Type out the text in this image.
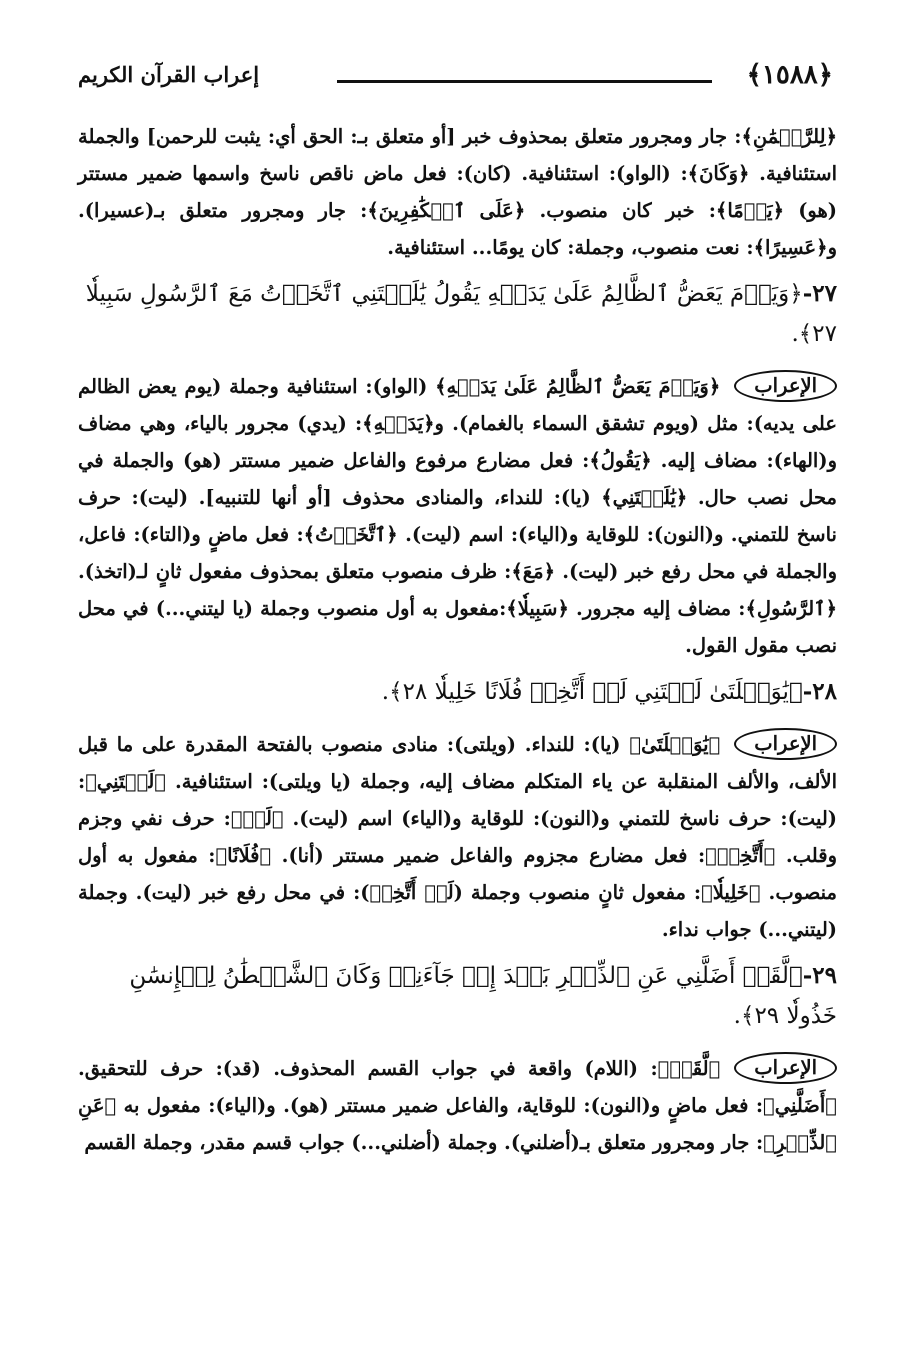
﴿١٥٨٨﴾
إعراب القرآن الكريم

﴿لِلرَّحۡمَٰنِ﴾: جار ومجرور متعلق بمحذوف خبر [أو متعلق بـ: الحق أي: يثبت للرحمن] والجملة استئنافية. ﴿وَكَانَ﴾: (الواو): استئنافية. (كان): فعل ماض ناقص ناسخ واسمها ضمير مستتر (هو) ﴿يَوۡمًا﴾: خبر كان منصوب. ﴿عَلَى ٱلۡكَٰفِرِينَ﴾: جار ومجرور متعلق بـ(عسيرا). و﴿عَسِيرًا﴾: نعت منصوب، وجملة: كان يومًا... استئنافية.

٢٧-﴿وَيَوۡمَ يَعَضُّ ٱلظَّالِمُ عَلَىٰ يَدَيۡهِ يَقُولُ يَٰلَيۡتَنِي ٱتَّخَذۡتُ مَعَ ٱلرَّسُولِ سَبِيلٗا ٢٧﴾.

الإعراب

﴿وَيَوۡمَ يَعَضُّ ٱلظَّالِمُ عَلَىٰ يَدَيۡهِ﴾ (الواو): استئنافية وجملة (يوم يعض الظالم على يديه): مثل (ويوم تشقق السماء بالغمام). و﴿يَدَيۡهِ﴾: (يدي) مجرور بالياء، وهي مضاف و(الهاء): مضاف إليه. ﴿يَقُولُ﴾: فعل مضارع مرفوع والفاعل ضمير مستتر (هو) والجملة في محل نصب حال. ﴿يَٰلَيۡتَنِي﴾ (يا): للنداء، والمنادى محذوف [أو أنها للتنبيه]. (ليت): حرف ناسخ للتمني. و(النون): للوقاية و(الياء): اسم (ليت). ﴿ٱتَّخَذۡتُ﴾: فعل ماضٍ و(التاء): فاعل، والجملة في محل رفع خبر (ليت). ﴿مَعَ﴾: ظرف منصوب متعلق بمحذوف مفعول ثانٍ لـ(اتخذ). ﴿ٱلرَّسُولِ﴾: مضاف إليه مجرور. ﴿سَبِيلٗا﴾:مفعول به أول منصوب وجملة (يا ليتني...) في محل نصب مقول القول.

٢٨-﴿يَٰوَيۡلَتَىٰ لَيۡتَنِي لَمۡ أَتَّخِذۡ فُلَانًا خَلِيلٗا ٢٨﴾.

الإعراب

﴿يَٰوَيۡلَتَىٰ﴾ (يا): للنداء. (ويلتى): منادى منصوب بالفتحة المقدرة على ما قبل الألف، والألف المنقلبة عن ياء المتكلم مضاف إليه، وجملة (يا ويلتى): استئنافية. ﴿لَيۡتَنِي﴾: (ليت): حرف ناسخ للتمني و(النون): للوقاية و(الياء) اسم (ليت). ﴿لَمۡ﴾: حرف نفي وجزم وقلب. ﴿أَتَّخِذۡ﴾: فعل مضارع مجزوم والفاعل ضمير مستتر (أنا). ﴿فُلَانًا﴾: مفعول به أول منصوب. ﴿خَلِيلٗا﴾: مفعول ثانٍ منصوب وجملة (لَمۡ أَتَّخِذۡ): في محل رفع خبر (ليت). وجملة (ليتني...) جواب نداء.

٢٩-﴿لَّقَدۡ أَضَلَّنِي عَنِ ٱلذِّكۡرِ بَعۡدَ إِذۡ جَآءَنِيۗ وَكَانَ ٱلشَّيۡطَٰنُ لِلۡإِنسَٰنِ خَذُولٗا ٢٩﴾.

الإعراب

﴿لَّقَدۡ﴾: (اللام) واقعة في جواب القسم المحذوف. (قد): حرف للتحقيق. ﴿أَضَلَّنِي﴾: فعل ماضٍ و(النون): للوقاية، والفاعل ضمير مستتر (هو). و(الياء): مفعول به ﴿عَنِ ٱلذِّكۡرِ﴾: جار ومجرور متعلق بـ(أضلني). وجملة (أضلني...) جواب قسم مقدر، وجملة القسم
